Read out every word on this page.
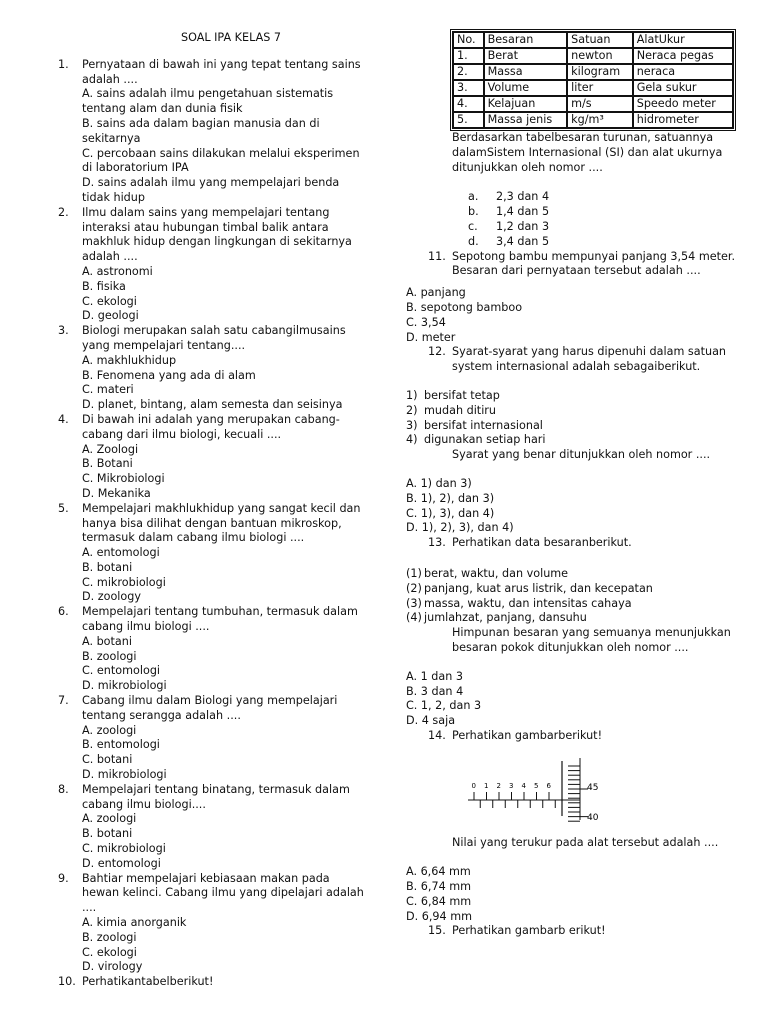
SOAL IPA KELAS 7
1.	Pernyataan di bawah ini yang tepat tentang sains adalah ....
A. sains adalah ilmu pengetahuan sistematis tentang alam dan dunia fisik
B. sains ada dalam bagian manusia dan di sekitarnya
C. percobaan sains dilakukan melalui eksperimen di laboratorium IPA
D. sains adalah ilmu yang mempelajari benda tidak hidup
2.	Ilmu dalam sains yang mempelajari tentang interaksi atau hubungan timbal balik antara makhluk hidup dengan lingkungan di sekitarnya adalah ....
A. astronomi
B. fisika
C. ekologi
D. geologi
3.	Biologi merupakan salah satu cabangilmusains yang mempelajari tentang....
A. makhlukhidup
B. Fenomena yang ada di alam
C. materi
D. planet, bintang, alam semesta dan seisinya
4.	Di bawah ini adalah yang merupakan cabang-cabang dari ilmu biologi, kecuali ....
A. Zoologi
B. Botani
C. Mikrobiologi
D. Mekanika
5.	Mempelajari makhlukhidup yang sangat kecil dan hanya bisa dilihat dengan bantuan mikroskop, termasuk dalam cabang ilmu biologi ....
A. entomologi
B. botani
C. mikrobiologi
D. zoology
6.	Mempelajari tentang tumbuhan, termasuk dalam cabang ilmu biologi ....
A. botani
B. zoologi
C. entomologi
D. mikrobiologi
7.	Cabang ilmu dalam Biologi yang mempelajari tentang serangga adalah ....
A. zoologi
B. entomologi
C. botani
D. mikrobiologi
8.	Mempelajari tentang binatang, termasuk dalam cabang ilmu biologi....
A. zoologi
B. botani
C. mikrobiologi
D. entomologi
9.	Bahtiar mempelajari kebiasaan makan pada hewan kelinci. Cabang ilmu yang dipelajari adalah ....
A. kimia anorganik
B. zoologi
C. ekologi
D. virology
10. Perhatikantabelberikut!
No.	Besaran	Satuan	AlatUkur
1.	Berat	newton	Neraca pegas
2.	Massa	kilogram	neraca
3.	Volume	liter	Gela sukur
4.	Kelajuan	m/s	Speedo meter
5.	Massa jenis	kg/m³	hidrometer
Berdasarkan tabelbesaran turunan, satuannya dalamSistem Internasional (SI) dan alat ukurnya ditunjukkan oleh nomor ....
a.	2,3 dan 4
b.	1,4 dan 5
c.	1,2 dan 3
d.	3,4 dan 5
11. Sepotong bambu mempunyai panjang 3,54 meter. Besaran dari pernyataan tersebut adalah ....
A. panjang
B. sepotong bamboo
C. 3,54
D. meter
12. Syarat-syarat yang harus dipenuhi dalam satuan system internasional adalah sebagaiberikut.
1) bersifat tetap
2) mudah ditiru
3) bersifat internasional
4) digunakan setiap hari
Syarat yang benar ditunjukkan oleh nomor ....
A. 1) dan 3)
B. 1), 2), dan 3)
C. 1), 3), dan 4)
D. 1), 2), 3), dan 4)
13. Perhatikan data besaranberikut.
(1) berat, waktu, dan volume
(2) panjang, kuat arus listrik, dan kecepatan
(3) massa, waktu, dan intensitas cahaya
(4) jumlahzat, panjang, dansuhu
Himpunan besaran yang semuanya menunjukkan besaran pokok ditunjukkan oleh nomor ....
A. 1 dan 3
B. 3 dan 4
C. 1, 2, dan 3
D. 4 saja
14. Perhatikan gambarberikut!
0 1 2 3 4 5 6	45
40
Nilai yang terukur pada alat tersebut adalah ....
A. 6,64 mm
B. 6,74 mm
C. 6,84 mm
D. 6,94 mm
15. Perhatikan gambarb erikut!
